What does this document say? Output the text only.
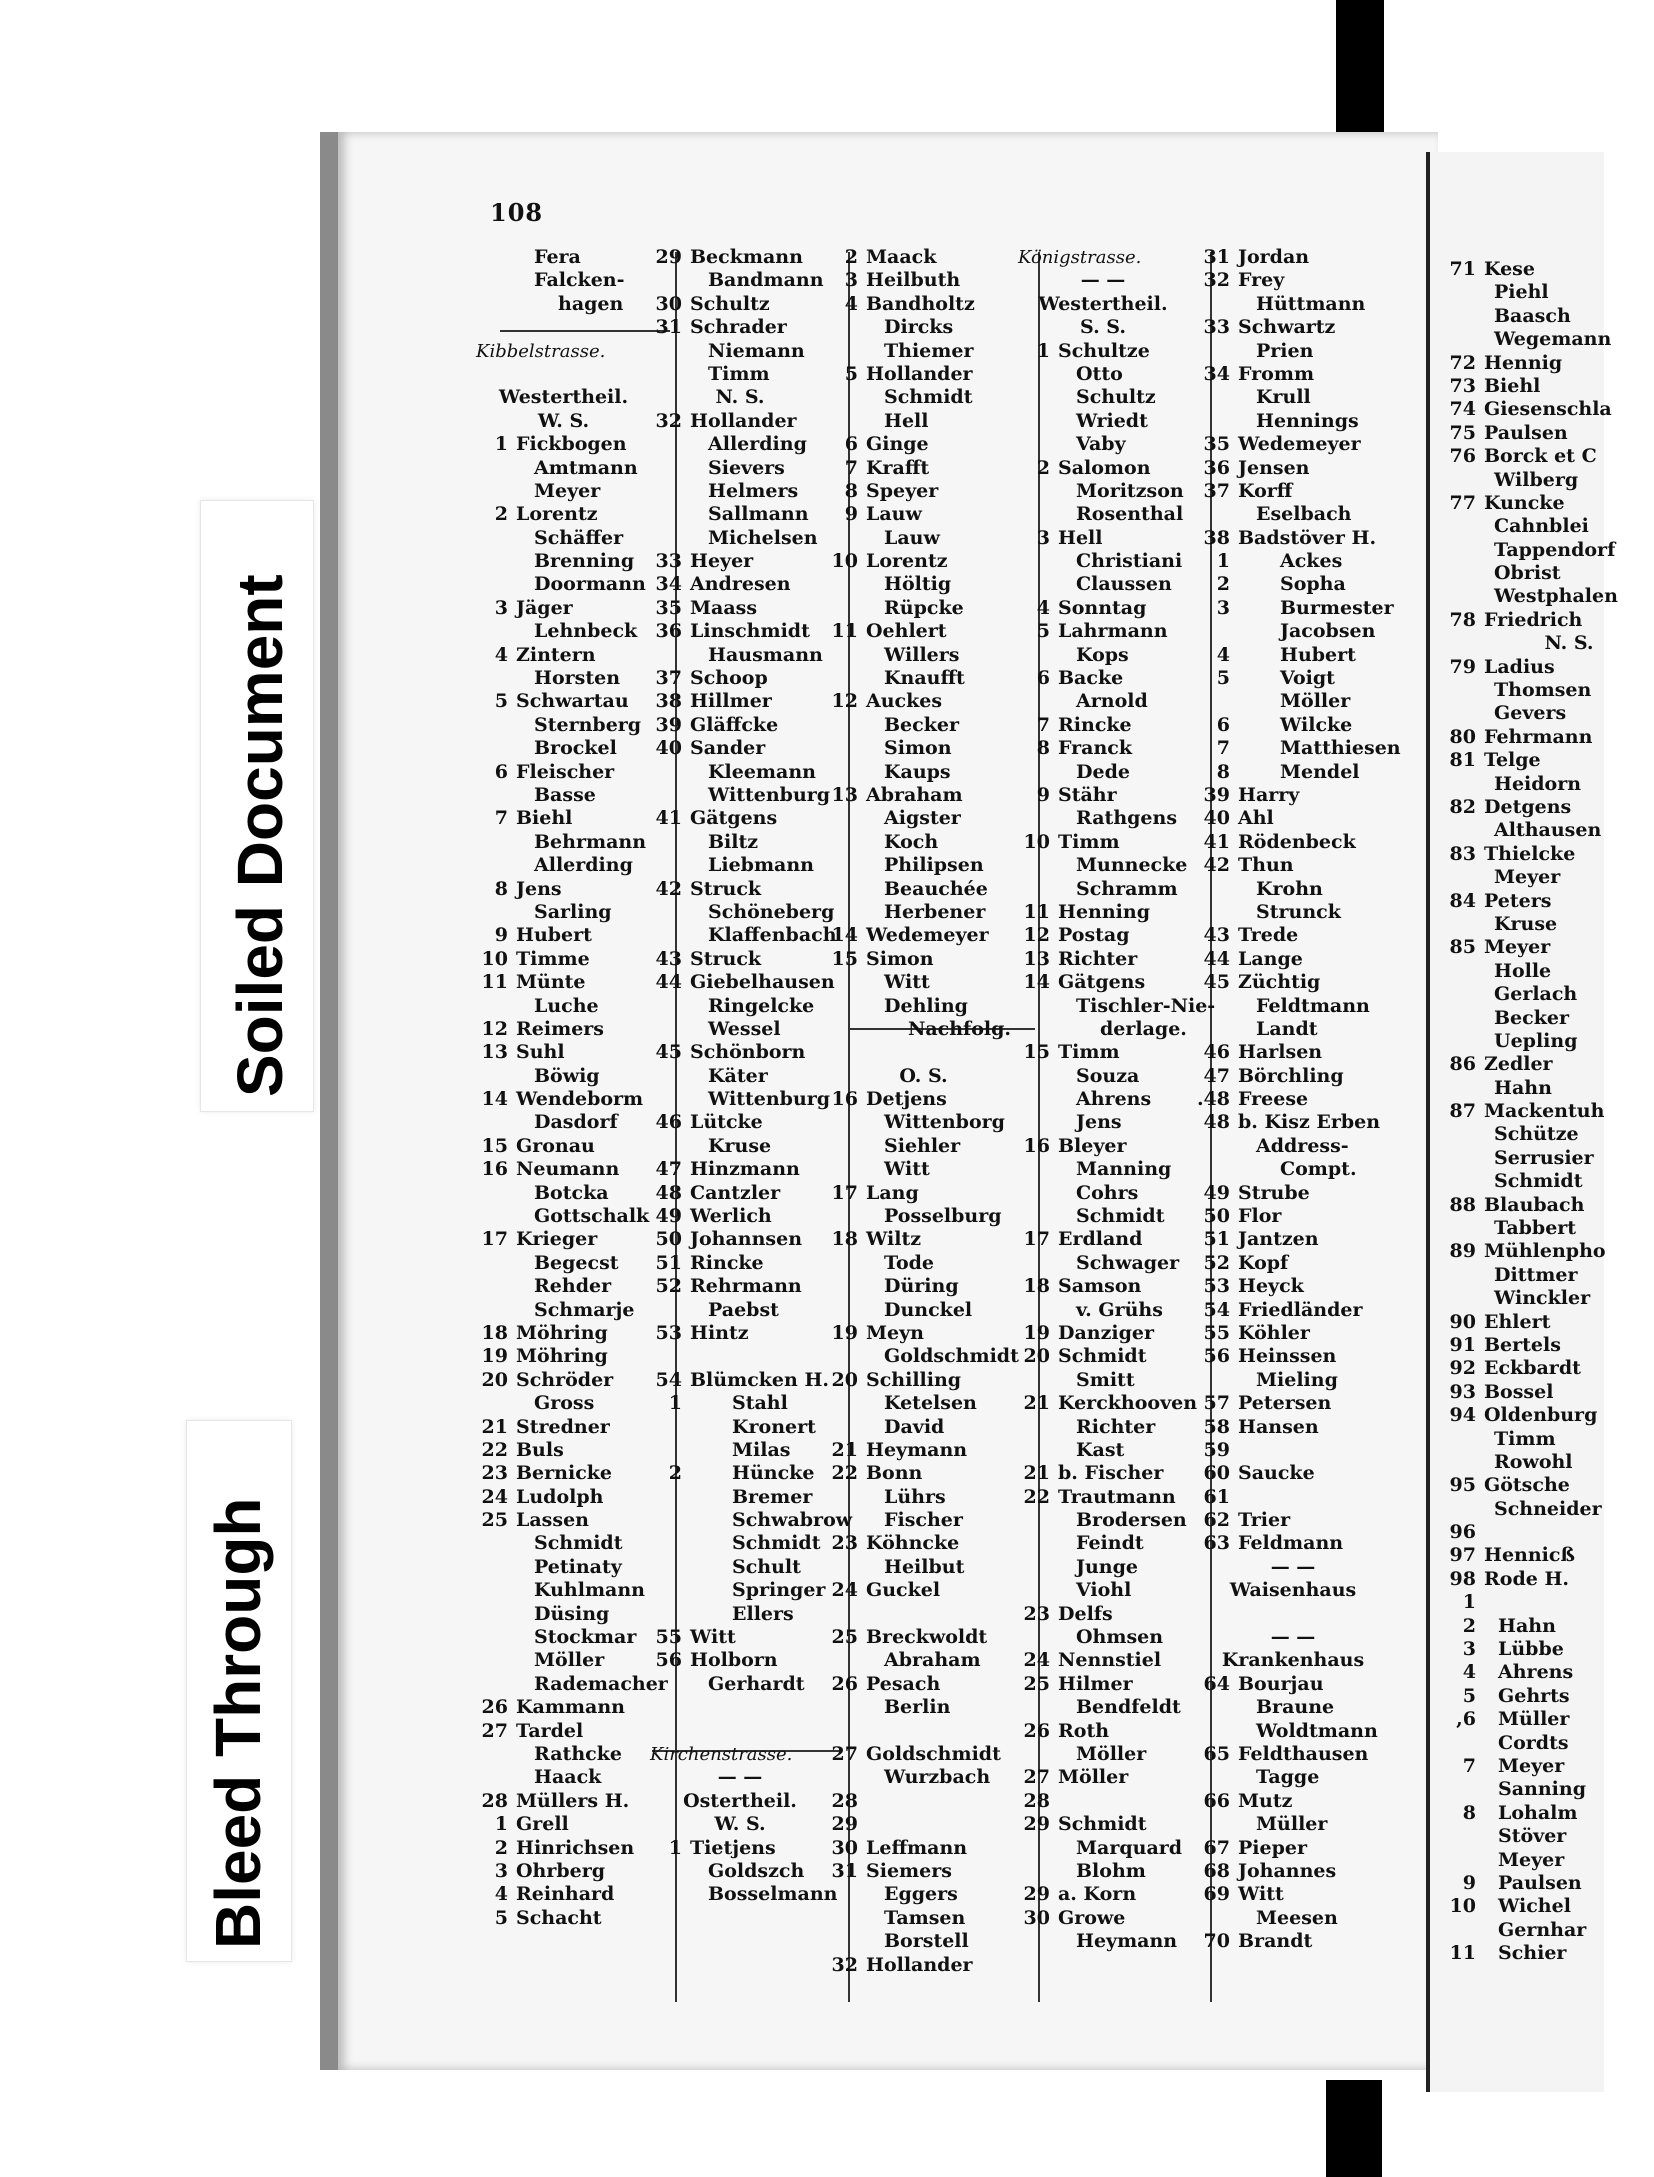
Soiled Document
Bleed Through
108
Fera
Falcken-
hagen
Kibbelstrasse.
Westertheil.
W. S.
1 Fickbogen
Amtmann
Meyer
2 Lorentz
Schäffer
Brenning
Doormann
3 Jäger
Lehnbeck
4 Zintern
Horsten
5 Schwartau
Sternberg
Brockel
6 Fleischer
Basse
7 Biehl
Behrmann
Allerding
8 Jens
Sarling
9 Hubert
10 Timme
11 Münte
Luche
12 Reimers
13 Suhl
Böwig
14 Wendeborm
Dasdorf
15 Gronau
16 Neumann
Botcka
Gottschalk
17 Krieger
Begecst
Rehder
Schmarje
18 Möhring
19 Möhring
20 Schröder
Gross
21 Stredner
22 Buls
23 Bernicke
24 Ludolph
25 Lassen
Schmidt
Petinaty
Kuhlmann
Düsing
Stockmar
Möller
Rademacher
26 Kammann
27 Tardel
Rathcke
Haack
28 Müllers H.
1 Grell
2 Hinrichsen
3 Ohrberg
4 Reinhard
5 Schacht
29 Beckmann
Bandmann
30 Schultz
31 Schrader
Niemann
Timm
N. S.
32 Hollander
Allerding
Sievers
Helmers
Sallmann
Michelsen
33 Heyer
34 Andresen
35 Maass
36 Linschmidt
Hausmann
37 Schoop
38 Hillmer
39 Gläffcke
40 Sander
Kleemann
Wittenburg
41 Gätgens
Biltz
Liebmann
42 Struck
Schöneberg
Klaffenbach
43 Struck
44 Giebelhausen
Ringelcke
Wessel
45 Schönborn
Käter
Wittenburg
46 Lütcke
Kruse
47 Hinzmann
48 Cantzler
49 Werlich
50 Johannsen
51 Rincke
52 Rehrmann
Paebst
53 Hintz
54 Blümcken H.
1	Stahl
Kronert
Milas
2	Hüncke
Bremer
Schwabrow
Schmidt
Schult
Springer
Ellers
55 Witt
56 Holborn
Gerhardt
Kirchenstrasse.
— —
Ostertheil.
W. S.
1 Tietjens
Goldszch
Bosselmann
2 Maack
3 Heilbuth
4 Bandholtz
Dircks
Thiemer
5 Hollander
Schmidt
Hell
6 Ginge
7 Krafft
8 Speyer
9 Lauw
Lauw
10 Lorentz
Höltig
Rüpcke
11 Oehlert
Willers
Knaufft
12 Auckes
Becker
Simon
Kaups
13 Abraham
Aigster
Koch
Philipsen
Beauchée
Herbener
14 Wedemeyer
15 Simon
Witt
Dehling
Nachfolg.
O. S.
16 Detjens
Wittenborg
Siehler
Witt
17 Lang
Posselburg
18 Wiltz
Tode
Düring
Dunckel
19 Meyn
Goldschmidt
20 Schilling
Ketelsen
David
21 Heymann
22 Bonn
Lührs
Fischer
23 Köhncke
Heilbut
24 Guckel
25 Breckwoldt
Abraham
26 Pesach
Berlin
27 Goldschmidt
Wurzbach
28
29
30 Leffmann
31 Siemers
Eggers
Tamsen
Borstell
32 Hollander
Königstrasse.
— —
Westertheil.
S. S.
1 Schultze
Otto
Schultz
Wriedt
Vaby
2 Salomon
Moritzson
Rosenthal
3 Hell
Christiani
Claussen
4 Sonntag
5 Lahrmann
Kops
6 Backe
Arnold
7 Rincke
8 Franck
Dede
9 Stähr
Rathgens
10 Timm
Munnecke
Schramm
11 Henning
12 Postag
13 Richter
14 Gätgens
Tischler-Nie-
derlage.
15 Timm
Souza
Ahrens
Jens
16 Bleyer
Manning
Cohrs
Schmidt
17 Erdland
Schwager
18 Samson
v. Grühs
19 Danziger
20 Schmidt
Smitt
21 Kerckhooven
Richter
Kast
21 b. Fischer
22 Trautmann
Brodersen
Feindt
Junge
Viohl
23 Delfs
Ohmsen
24 Nennstiel
25 Hilmer
Bendfeldt
26 Roth
Möller
27 Möller
28
29 Schmidt
Marquard
Blohm
29 a. Korn
30 Growe
Heymann
31 Jordan
32 Frey
Hüttmann
33 Schwartz
Prien
34 Fromm
Krull
Hennings
35 Wedemeyer
36 Jensen
37 Korff
Eselbach
38 Badstöver H.
1	Ackes
2	Sopha
3	Burmester
Jacobsen
4	Hubert
5	Voigt
Möller
6	Wilcke
7	Matthiesen
8	Mendel
39 Harry
40 Ahl
41 Rödenbeck
42 Thun
Krohn
Strunck
43 Trede
44 Lange
45 Züchtig
Feldtmann
Landt
46 Harlsen
47 Börchling
.48 Freese
48 b. Kisz Erben
Address-
Compt.
49 Strube
50 Flor
51 Jantzen
52 Kopf
53 Heyck
54 Friedländer
55 Köhler
56 Heinssen
Mieling
57 Petersen
58 Hansen
59
60 Saucke
61
62 Trier
63 Feldmann
— —
Waisenhaus
— —
Krankenhaus
64 Bourjau
Braune
Woldtmann
65 Feldthausen
Tagge
66 Mutz
Müller
67 Pieper
68 Johannes
69 Witt
Meesen
70 Brandt
71 Kese
Piehl
Baasch
Wegemann
72 Hennig
73 Biehl
74 Giesenschla
75 Paulsen
76 Borck et C
Wilberg
77 Kuncke
Cahnblei
Tappendorf
Obrist
Westphalen
78 Friedrich
N. S.
79 Ladius
Thomsen
Gevers
80 Fehrmann
81 Telge
Heidorn
82 Detgens
Althausen
83 Thielcke
Meyer
84 Peters
Kruse
85 Meyer
Holle
Gerlach
Becker
Uepling
86 Zedler
Hahn
87 Mackentuh
Schütze
Serrusier
Schmidt
88 Blaubach
Tabbert
89 Mühlenpho
Dittmer
Winckler
90 Ehlert
91 Bertels
92 Eckbardt
93 Bossel
94 Oldenburg
Timm
Rowohl
95 Götsche
Schneider
96
97 Hennicß
98 Rode H.
1
2 Hahn
3 Lübbe
4 Ahrens
5 Gehrts
,6 Müller
Cordts
7 Meyer
Sanning
8 Lohalm
Stöver
Meyer
9 Paulsen
10 Wichel
Gernhar
11 Schier
